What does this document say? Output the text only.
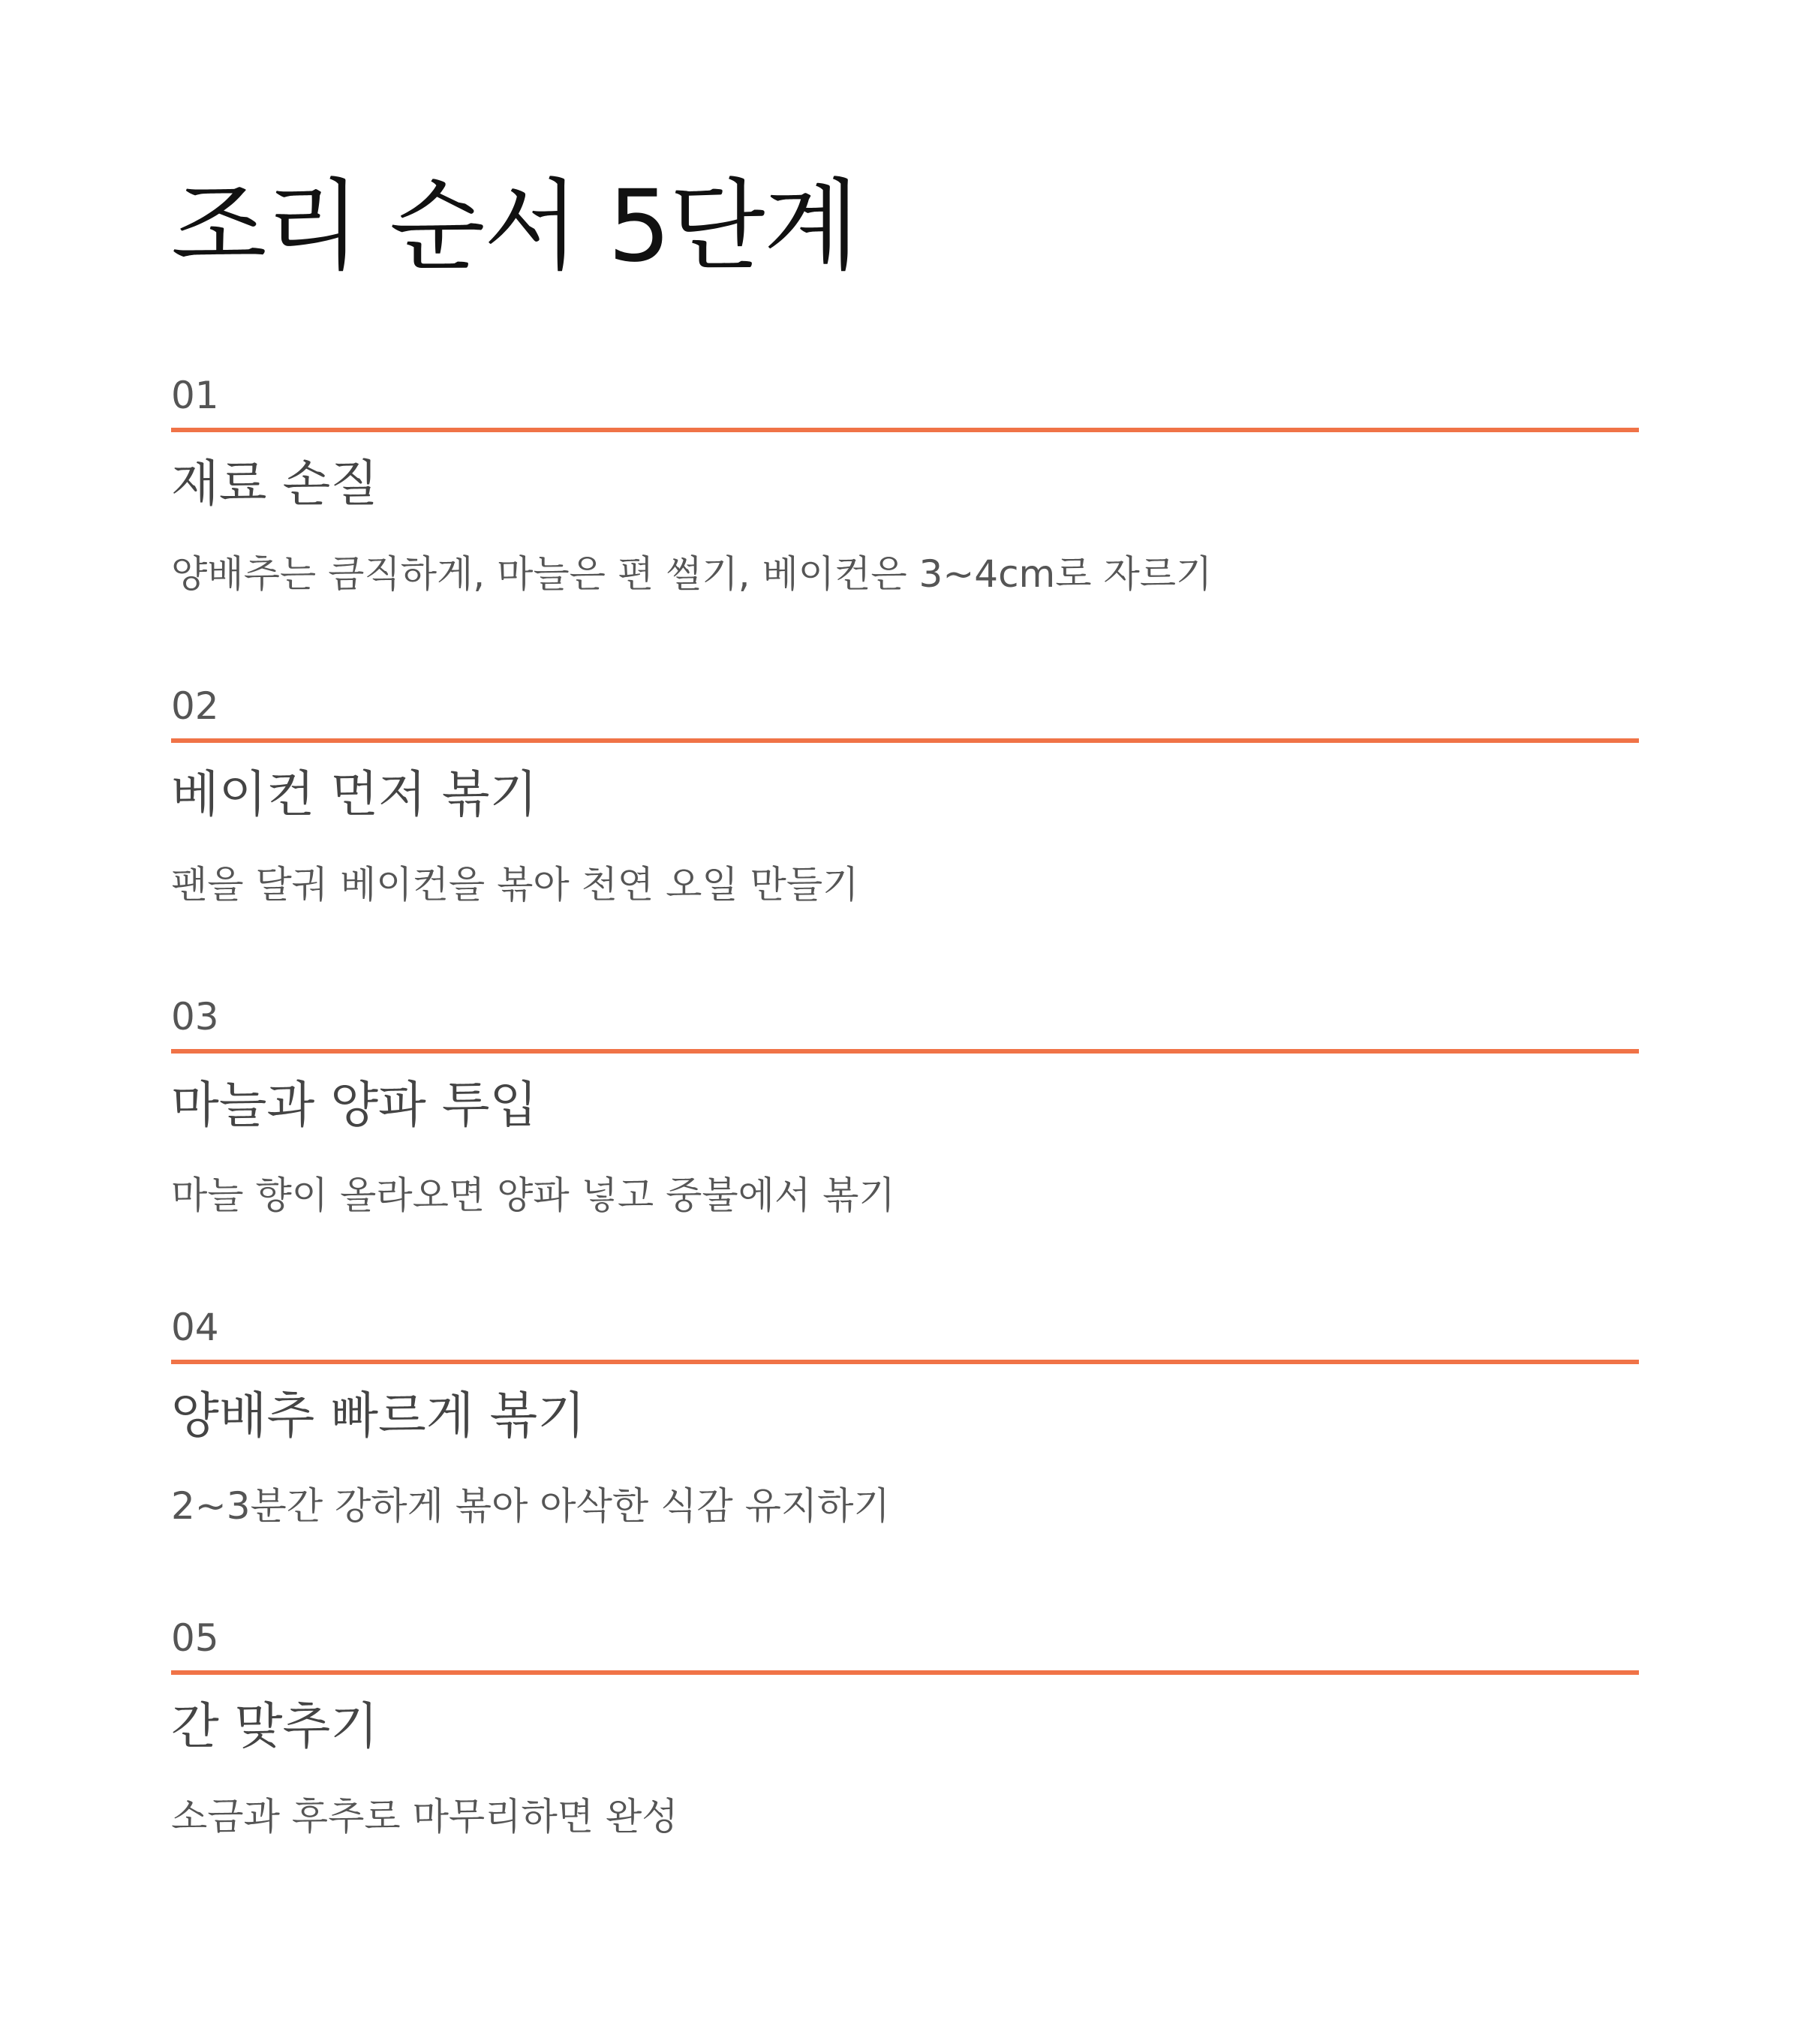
조리 순서 5단계
01
재료 손질

양배추는 큼직하게, 마늘은 편 썰기, 베이컨은 3~4cm로 자르기

02
베이컨 먼저 볶기

팬을 달궈 베이컨을 볶아 천연 오일 만들기

03
마늘과 양파 투입

마늘 향이 올라오면 양파 넣고 중불에서 볶기

04
양배추 빠르게 볶기

2~3분간 강하게 볶아 아삭한 식감 유지하기

05
간 맞추기

소금과 후추로 마무리하면 완성
